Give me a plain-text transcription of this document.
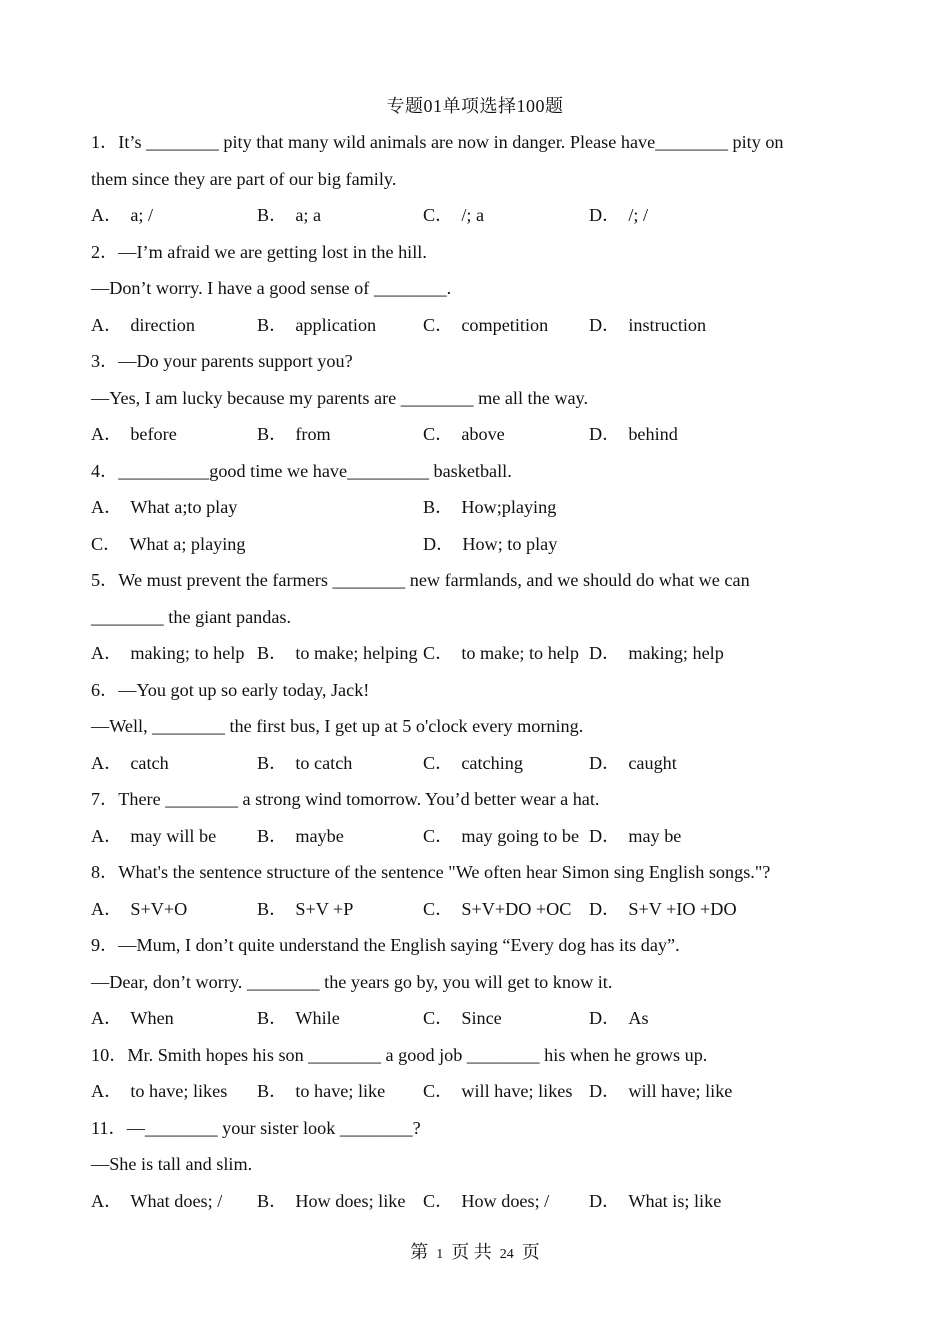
专题01单项选择100题
1．It’s ________ pity that many wild animals are now in danger. Please have________ pity on
them since they are part of our big family.
A． a; /	B． a; a	C． /; a	D． /; /
2．—I’m afraid we are getting lost in the hill.
—Don’t worry. I have a good sense of ________.
A． direction	B． application	C． competition D． instruction
3．—Do your parents support you?
—Yes, I am lucky because my parents are ________ me all the way.
A． before	B． from	C． above	D． behind
4．__________good time we have_________ basketball.
A． What a;to play	B． How;playing
C． What a; playing	D． How; to play
5．We must prevent the farmers ________ new farmlands, and we should do what we can
________ the giant pandas.
A． making; to help B． to make; helping C． to make; to help D． making; help
6．—You got up so early today, Jack!
—Well, ________ the first bus, I get up at 5 o'clock every morning.
A． catch	B． to catch	C． catching	D． caught
7．There ________ a strong wind tomorrow. You’d better wear a hat.
A． may will be B． maybe	C． may going to be D． may be
8．What's the sentence structure of the sentence "We often hear Simon sing English songs."?
A． S+V+O	B． S+V +P	C． S+V+DO +OC D． S+V +IO +DO
9．—Mum, I don’t quite understand the English saying “Every dog has its day”.
—Dear, don’t worry. ________ the years go by, you will get to know it.
A． When	B． While	C． Since	D． As
10．Mr. Smith hopes his son ________ a good job ________ his when he grows up.
A． to have; likes B． to have; like C． will have; likes D． will have; like
11．—________ your sister look ________?
—She is tall and slim.
A． What does; / B． How does; like C． How does; / D． What is; like
第 1 页 共 24 页
